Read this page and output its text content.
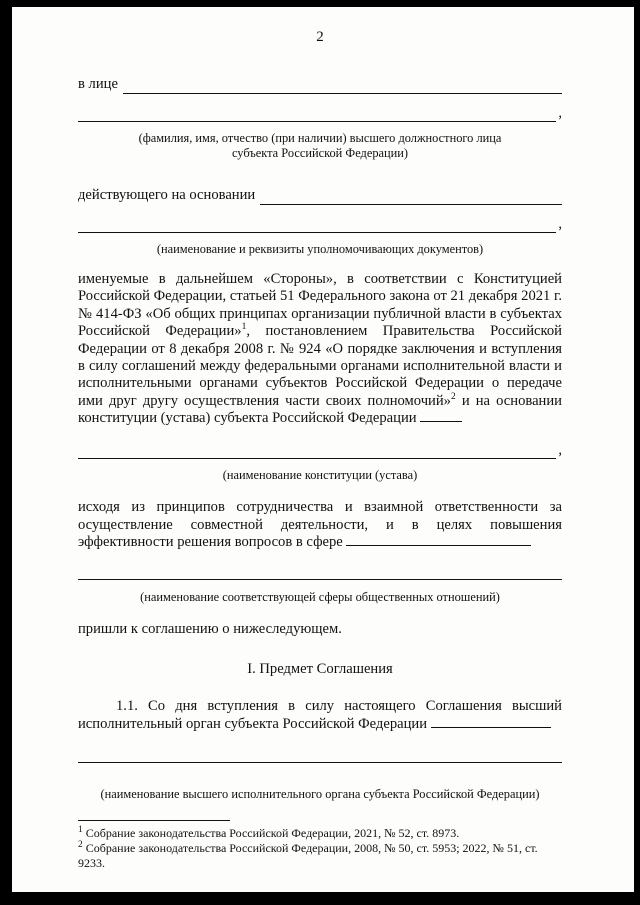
2
в лице
,
(фамилия, имя, отчество (при наличии) высшего должностного лица
субъекта Российской Федерации)
действующего на основании
,
(наименование и реквизиты уполномочивающих документов)

именуемые в дальнейшем «Стороны», в соответствии с Конституцией Российской Федерации, статьей 51 Федерального закона от 21 декабря 2021 г. № 414-ФЗ «Об общих принципах организации публичной власти в субъектах Российской Федерации»$^1$, постановлением Правительства Российской Федерации от 8 декабря 2008 г. № 924 «О порядке заключения и вступления в силу соглашений между федеральными органами исполнительной власти и исполнительными органами субъектов Российской Федерации о передаче ими друг другу осуществления части своих полномочий»$^2$ и на основании конституции (устава) субъекта Российской Федерации

,
(наименование конституции (устава)

исходя из принципов сотрудничества и взаимной ответственности за осуществление совместной деятельности, и в целях повышения эффективности решения вопросов в сфере

(наименование соответствующей сферы общественных отношений)

пришли к соглашению о нижеследующем.

I. Предмет Соглашения

1.1. Со дня вступления в силу настоящего Соглашения высший исполнительный орган субъекта Российской Федерации

(наименование высшего исполнительного органа субъекта Российской Федерации)
$^1$ Собрание законодательства Российской Федерации, 2021, № 52, ст. 8973.
$^2$ Собрание законодательства Российской Федерации, 2008, № 50, ст. 5953; 2022, № 51, ст. 9233.
